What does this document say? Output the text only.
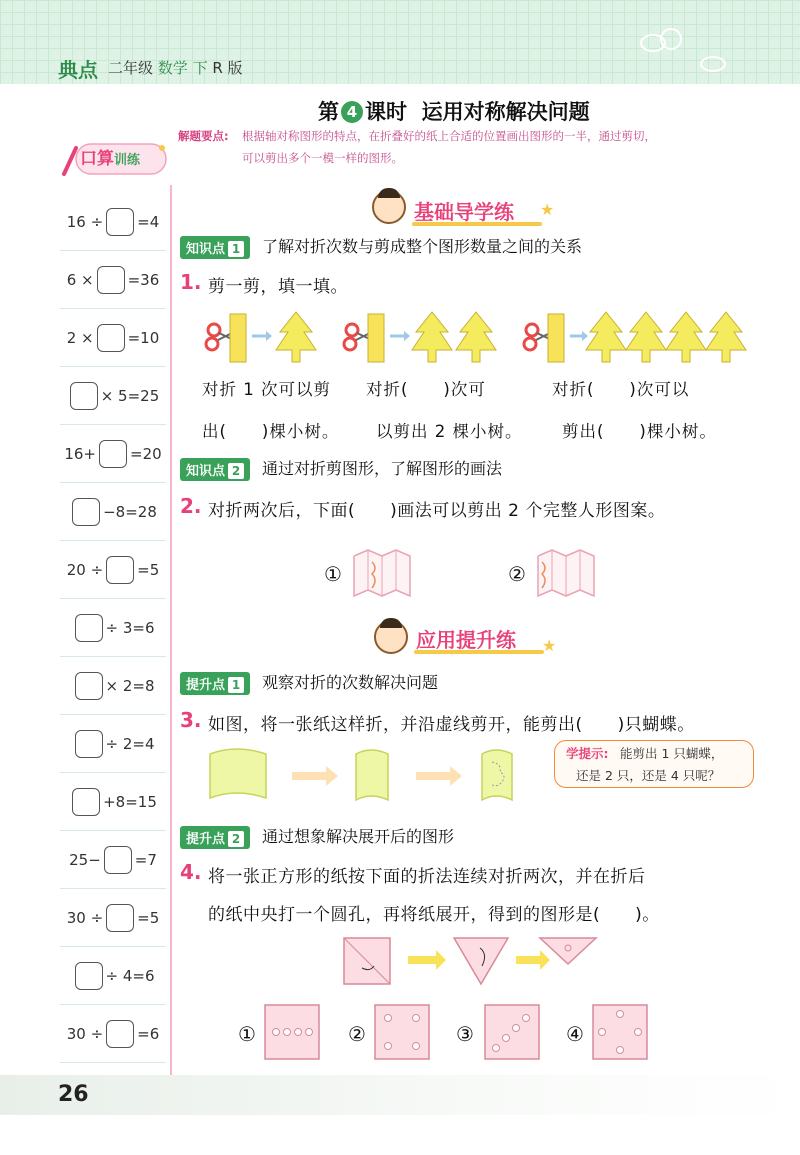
典点 二年级 数学 下 R 版
第 4 课时 运用对称解决问题
解题要点: 根据轴对称图形的特点，在折叠好的纸上合适的位置画出图形的一半，通过剪切，
可以剪出多个一模一样的图形。
口算训练
16 ÷ =4
6 × =36
2 × =10
× 5=25
16+ =20
−8=28
20 ÷ =5
÷ 3=6
× 2=8
÷ 2=4
+8=15
25− =7
30 ÷ =5
÷ 4=6
30 ÷ =6
基础导学练 ★
知识点 1	了解对折次数与剪成整个图形数量之间的关系
1. 剪一剪，填一填。
对折 1 次可以剪
出(　　)棵小树。
对折(　　)次可
以剪出 2 棵小树。
对折(　　)次可以
剪出(　　)棵小树。
知识点 2	通过对折剪图形，了解图形的画法
2. 对折两次后，下面(　　)画法可以剪出 2 个完整人形图案。
①	②
应用提升练 ★
提升点 1	观察对折的次数解决问题
3. 如图，将一张纸这样折，并沿虚线剪开，能剪出(　　)只蝴蝶。
学提示: 能剪出 1 只蝴蝶，
还是 2 只，还是 4 只呢？
提升点 2	通过想象解决展开后的图形
4. 将一张正方形的纸按下面的折法连续对折两次，并在折后
的纸中央打一个圆孔，再将纸展开，得到的图形是(　　)。
①	②	③	④
26
